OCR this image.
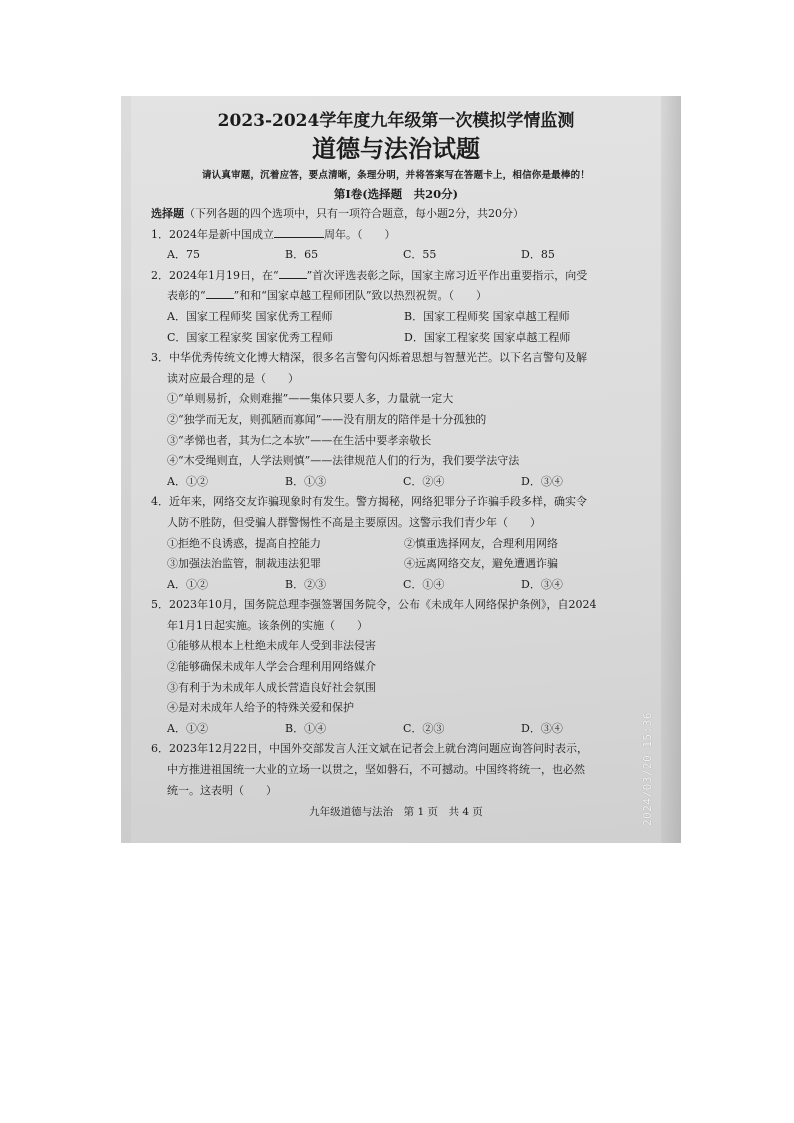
2023-2024学年度九年级第一次模拟学情监测
道德与法治试题
请认真审题，沉着应答，要点清晰，条理分明，并将答案写在答题卡上，相信你是最棒的！
第Ⅰ卷(选择题　共20分)
选择题（下列各题的四个选项中，只有一项符合题意，每小题2分，共20分）
1．2024年是新中国成立	周年。（　　）
A．75	B．65	C．55	D．85
2．2024年1月19日，在“	”首次评选表彰之际，国家主席习近平作出重要指示，向受
表彰的“	”和和“国家卓越工程师团队”致以热烈祝贺。（　　）
A．国家工程师奖 国家优秀工程师	B．国家工程师奖 国家卓越工程师
C．国家工程家奖 国家优秀工程师	D．国家工程家奖 国家卓越工程师
3．中华优秀传统文化博大精深，很多名言警句闪烁着思想与智慧光芒。以下名言警句及解
读对应最合理的是（　　）
①“单则易折，众则难摧”——集体只要人多，力量就一定大
②“独学而无友，则孤陋而寡闻”——没有朋友的陪伴是十分孤独的
③“孝悌也者，其为仁之本欤”——在生活中要孝亲敬长
④“木受绳则直，人学法则慎”——法律规范人们的行为，我们要学法守法
A．①②	B．①③	C．②④	D．③④
4．近年来，网络交友诈骗现象时有发生。警方揭秘，网络犯罪分子诈骗手段多样，确实令
人防不胜防，但受骗人群警惕性不高是主要原因。这警示我们青少年（　　）
①拒绝不良诱惑，提高自控能力	②慎重选择网友，合理利用网络
③加强法治监管，制裁违法犯罪	④远离网络交友，避免遭遇诈骗
A．①②	B．②③	C．①④	D．③④
5．2023年10月，国务院总理李强签署国务院令，公布《未成年人网络保护条例》，自2024
年1月1日起实施。该条例的实施（　　）
①能够从根本上杜绝未成年人受到非法侵害
②能够确保未成年人学会合理利用网络媒介
③有利于为未成年人成长营造良好社会氛围
④是对未成年人给予的特殊关爱和保护
A．①②	B．①④	C．②③	D．③④
6．2023年12月22日，中国外交部发言人汪文斌在记者会上就台湾问题应询答问时表示，
中方推进祖国统一大业的立场一以贯之，坚如磐石，不可撼动。中国终将统一，也必然
统一。这表明（　　）
九年级道德与法治　第 1 页　共 4 页	2024/03/20 15:36
